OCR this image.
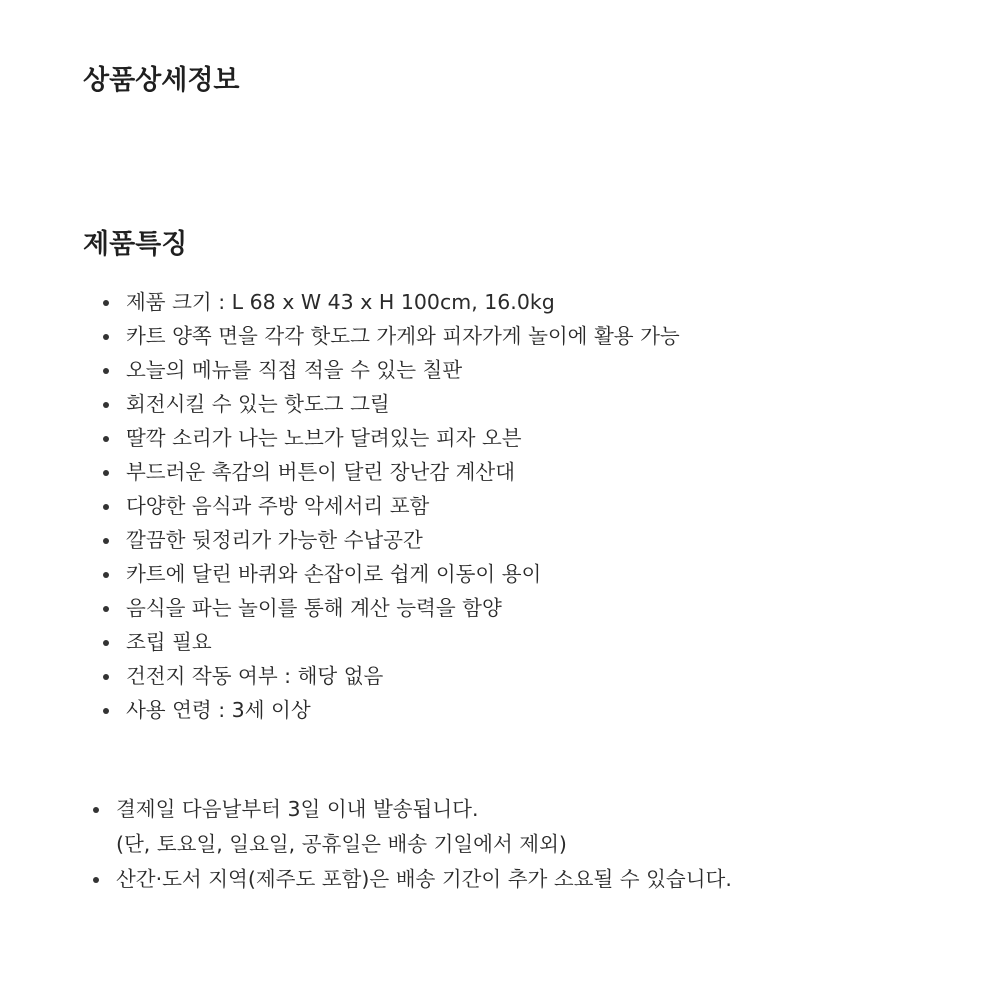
상품상세정보
제품특징
제품 크기 : L 68 x W 43 x H 100cm, 16.0kg
카트 양쪽 면을 각각 핫도그 가게와 피자가게 놀이에 활용 가능
오늘의 메뉴를 직접 적을 수 있는 칠판
회전시킬 수 있는 핫도그 그릴
딸깍 소리가 나는 노브가 달려있는 피자 오븐
부드러운 촉감의 버튼이 달린 장난감 계산대
다양한 음식과 주방 악세서리 포함
깔끔한 뒷정리가 가능한 수납공간
카트에 달린 바퀴와 손잡이로 쉽게 이동이 용이
음식을 파는 놀이를 통해 계산 능력을 함양
조립 필요
건전지 작동 여부 : 해당 없음
사용 연령 : 3세 이상
결제일 다음날부터 3일 이내 발송됩니다.
(단, 토요일, 일요일, 공휴일은 배송 기일에서 제외)
산간·도서 지역(제주도 포함)은 배송 기간이 추가 소요될 수 있습니다.
